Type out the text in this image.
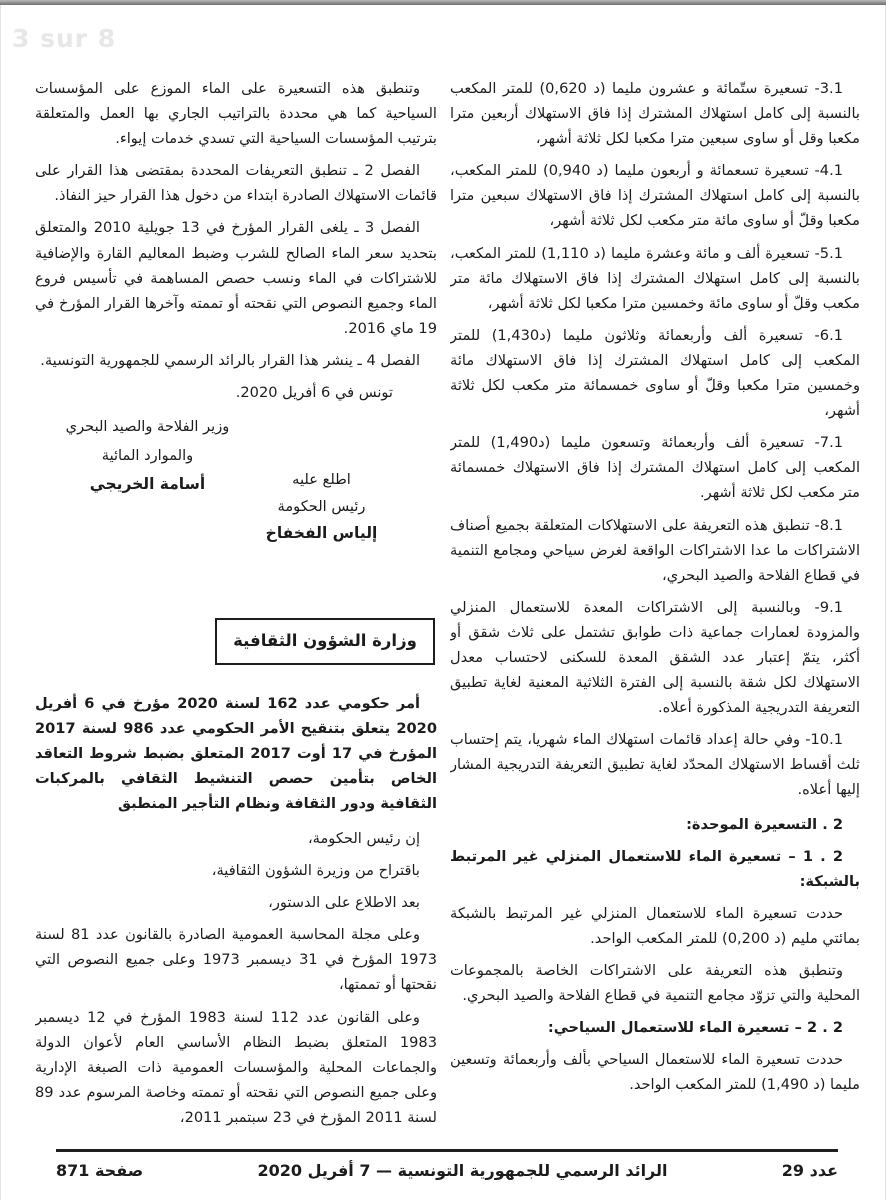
3 sur 8

وتنطبق هذه التسعيرة على الماء الموزع على المؤسسات السياحية كما هي محددة بالتراتيب الجاري بها العمل والمتعلقة بترتيب المؤسسات السياحية التي تسدي خدمات إيواء.

الفصل 2 ـ تنطبق التعريفات المحددة بمقتضى هذا القرار على قائمات الاستهلاك الصادرة ابتداء من دخول هذا القرار حيز النفاذ.

الفصل 3 ـ يلغى القرار المؤرخ في 13 جويلية 2010 والمتعلق بتحديد سعر الماء الصالح للشرب وضبط المعاليم القارة والإضافية للاشتراكات في الماء ونسب حصص المساهمة في تأسيس فروع الماء وجميع النصوص التي نقحته أو تممته وآخرها القرار المؤرخ في 19 ماي 2016.

الفصل 4 ـ ينشر هذا القرار بالرائد الرسمي للجمهورية التونسية.

تونس في 6 أفريل 2020.

وزير الفلاحة والصيد البحري
والموارد المائية
أسامة الخريجي	اطلع عليه
رئيس الحكومة
إلياس الفخفاخ
وزارة الشؤون الثقافية

أمر حكومي عدد 162 لسنة 2020 مؤرخ في 6 أفريل 2020 يتعلق بتنقيح الأمر الحكومي عدد 986 لسنة 2017 المؤرخ في 17 أوت 2017 المتعلق بضبط شروط التعاقد الخاص بتأمين حصص التنشيط الثقافي بالمركبات الثقافية ودور الثقافة ونظام التأجير المنطبق

إن رئيس الحكومة،

باقتراح من وزيرة الشؤون الثقافية،

بعد الاطلاع على الدستور،

وعلى مجلة المحاسبة العمومية الصادرة بالقانون عدد 81 لسنة 1973 المؤرخ في 31 ديسمبر 1973 وعلى جميع النصوص التي نقحتها أو تممتها،

وعلى القانون عدد 112 لسنة 1983 المؤرخ في 12 ديسمبر 1983 المتعلق بضبط النظام الأساسي العام لأعوان الدولة والجماعات المحلية والمؤسسات العمومية ذات الصبغة الإدارية وعلى جميع النصوص التي نقحته أو تممته وخاصة المرسوم عدد 89 لسنة 2011 المؤرخ في 23 سبتمبر 2011،

3.1- تسعيرة ستّمائة و عشرون مليما ⁦(0,620 د)⁩ للمتر المكعب بالنسبة إلى كامل استهلاك المشترك إذا فاق الاستهلاك أربعين مترا مكعبا وقل أو ساوى سبعين مترا مكعبا لكل ثلاثة أشهر،

4.1- تسعيرة تسعمائة و أربعون مليما ⁦(0,940 د)⁩ للمتر المكعب، بالنسبة إلى كامل استهلاك المشترك إذا فاق الاستهلاك سبعين مترا مكعبا وقلّ أو ساوى مائة متر مكعب لكل ثلاثة أشهر،

5.1- تسعيرة ألف و مائة وعشرة مليما ⁦(1,110 د)⁩ للمتر المكعب، بالنسبة إلى كامل استهلاك المشترك إذا فاق الاستهلاك مائة متر مكعب وقلّ أو ساوى مائة وخمسين مترا مكعبا لكل ثلاثة أشهر،

6.1- تسعيرة ألف وأربعمائة وثلاثون مليما ⁦(1,430د)⁩ للمتر المكعب إلى كامل استهلاك المشترك إذا فاق الاستهلاك مائة وخمسين مترا مكعبا وقلّ أو ساوى خمسمائة متر مكعب لكل ثلاثة أشهر،

7.1- تسعيرة ألف وأربعمائة وتسعون مليما ⁦(1,490د)⁩ للمتر المكعب إلى كامل استهلاك المشترك إذا فاق الاستهلاك خمسمائة متر مكعب لكل ثلاثة أشهر.

8.1- تنطبق هذه التعريفة على الاستهلاكات المتعلقة بجميع أصناف الاشتراكات ما عدا الاشتراكات الواقعة لغرض سياحي ومجامع التنمية في قطاع الفلاحة والصيد البحري،

9.1- وبالنسبة إلى الاشتراكات المعدة للاستعمال المنزلي والمزودة لعمارات جماعية ذات طوابق تشتمل على ثلاث شقق أو أكثر، يتمّ إعتبار عدد الشقق المعدة للسكنى لاحتساب معدل الاستهلاك لكل شقة بالنسبة إلى الفترة الثلاثية المعنية لغاية تطبيق التعريفة التدريجية المذكورة أعلاه.

10.1- وفي حالة إعداد قائمات استهلاك الماء شهريا، يتم إحتساب ثلث أقساط الاستهلاك المحدّد لغاية تطبيق التعريفة التدريجية المشار إليها أعلاه.

2 . التسعيرة الموحدة:

2 . 1 – تسعيرة الماء للاستعمال المنزلي غير المرتبط بالشبكة:

حددت تسعيرة الماء للاستعمال المنزلي غير المرتبط بالشبكة بمائتي مليم ⁦(0,200 د)⁩ للمتر المكعب الواحد.

وتنطبق هذه التعريفة على الاشتراكات الخاصة بالمجموعات المحلية والتي تزوّد مجامع التنمية في قطاع الفلاحة والصيد البحري.

2 . 2 – تسعيرة الماء للاستعمال السياحي:

حددت تسعيرة الماء للاستعمال السياحي بألف وأربعمائة وتسعين مليما ⁦(1,490 د)⁩ للمتر المكعب الواحد.

عدد 29
الرائد الرسمي للجمهورية التونسية — 7 أفريل 2020
صفحة 871
